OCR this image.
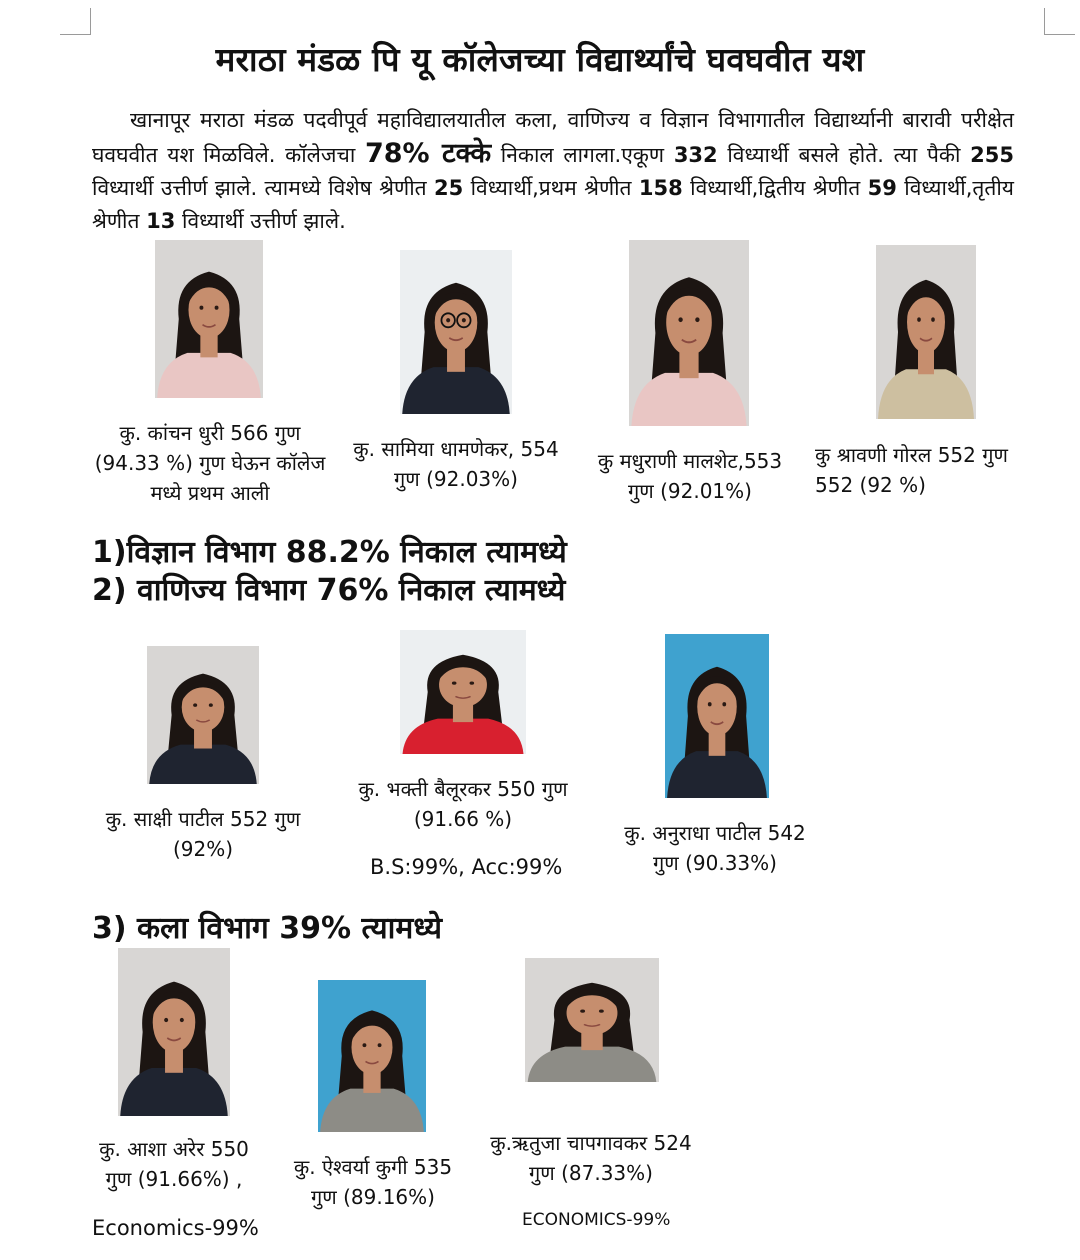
मराठा मंडळ पि यू कॉलेजच्या विद्यार्थ्यांचे घवघवीत यश

खानापूर मराठा मंडळ पदवीपूर्व महाविद्यालयातील कला, वाणिज्य व विज्ञान विभागातील विद्यार्थ्यानी बारावी परीक्षेत घवघवीत यश मिळविले. कॉलेजचा 78% टक्के निकाल लागला.एकूण 332 विध्यार्थी बसले होते. त्या पैकी 255 विध्यार्थी उत्तीर्ण झाले. त्यामध्ये विशेष श्रेणीत 25 विध्यार्थी,प्रथम श्रेणीत 158 विध्यार्थी,द्वितीय श्रेणीत 59 विध्यार्थी,तृतीय श्रेणीत 13 विध्यार्थी उत्तीर्ण झाले.

कु. कांचन धुरी 566 गुण
(94.33 %) गुण घेऊन कॉलेज
मध्ये प्रथम आली
कु. सामिया धामणेकर, 554
गुण (92.03%)
कु मधुराणी मालशेट,553
गुण (92.01%)
कु श्रावणी गोरल 552 गुण
552 (92 %)
1)विज्ञान विभाग 88.2% निकाल त्यामध्ये
2) वाणिज्य विभाग 76% निकाल त्यामध्ये
कु. साक्षी पाटील 552 गुण
(92%)
कु. भक्ती बैलूरकर 550 गुण
(91.66 %)
B.S:99%, Acc:99%
कु. अनुराधा पाटील 542
गुण (90.33%)
3) कला विभाग 39% त्यामध्ये
कु. आशा अरेर 550
गुण (91.66%) ,
Economics-99%
कु. ऐश्वर्या कुगी 535
गुण (89.16%)
कु.ऋतुजा चापगावकर 524
गुण (87.33%)
ECONOMICS-99%
